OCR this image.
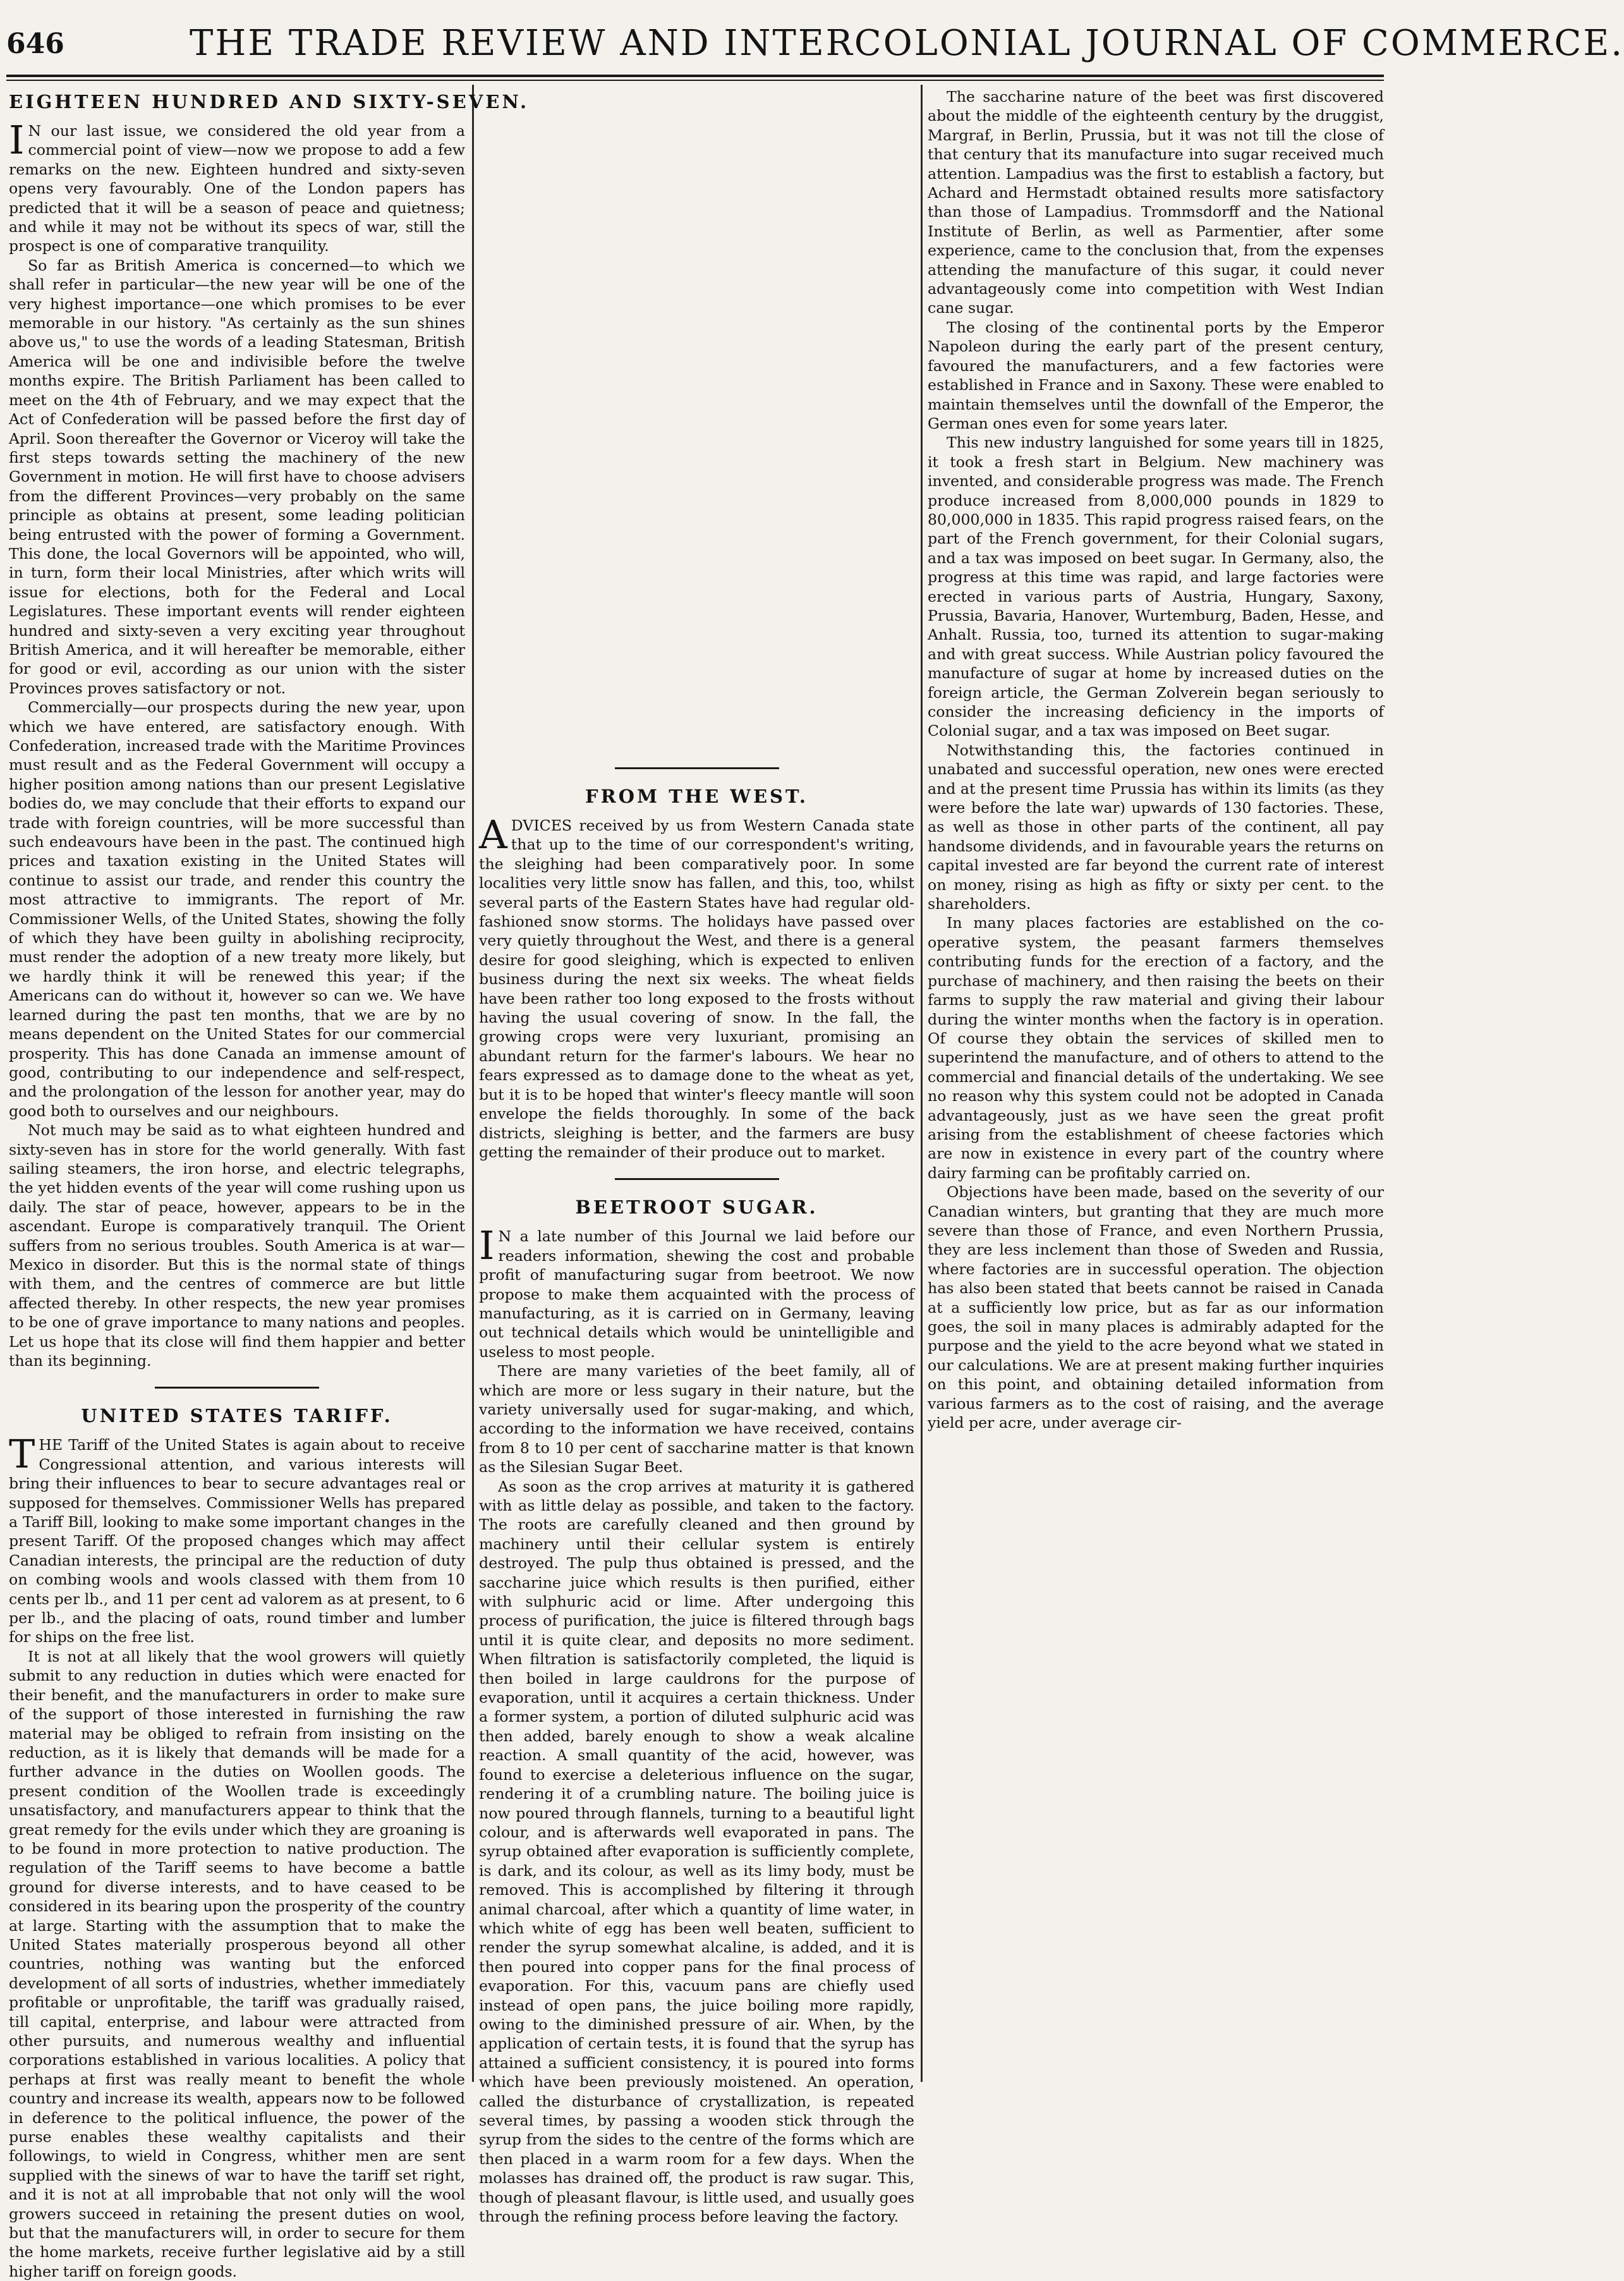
646	THE TRADE REVIEW AND INTERCOLONIAL JOURNAL OF COMMERCE.
EIGHTEEN HUNDRED AND SIXTY-SEVEN.

I N our last issue, we considered the old year from a commercial point of view—now we propose to add a few remarks on the new. Eighteen hundred and sixty-seven opens very favourably. One of the London papers has predicted that it will be a season of peace and quietness; and while it may not be without its specs of war, still the prospect is one of comparative tranquility.

So far as British America is concerned—to which we shall refer in particular—the new year will be one of the very highest importance—one which promises to be ever memorable in our history. "As certainly as the sun shines above us," to use the words of a leading Statesman, British America will be one and indivisible before the twelve months expire. The British Parliament has been called to meet on the 4th of February, and we may expect that the Act of Confederation will be passed before the first day of April. Soon thereafter the Governor or Viceroy will take the first steps towards setting the machinery of the new Government in motion. He will first have to choose advisers from the different Provinces—very probably on the same principle as obtains at present, some leading politician being entrusted with the power of forming a Government. This done, the local Governors will be appointed, who will, in turn, form their local Ministries, after which writs will issue for elections, both for the Federal and Local Legislatures. These important events will render eighteen hundred and sixty-seven a very exciting year throughout British America, and it will hereafter be memorable, either for good or evil, according as our union with the sister Provinces proves satisfactory or not.

Commercially—our prospects during the new year, upon which we have entered, are satisfactory enough. With Confederation, increased trade with the Maritime Provinces must result and as the Federal Government will occupy a higher position among nations than our present Legislative bodies do, we may conclude that their efforts to expand our trade with foreign countries, will be more successful than such endeavours have been in the past. The continued high prices and taxation existing in the United States will continue to assist our trade, and render this country the most attractive to immigrants. The report of Mr. Commissioner Wells, of the United States, showing the folly of which they have been guilty in abolishing reciprocity, must render the adoption of a new treaty more likely, but we hardly think it will be renewed this year; if the Americans can do without it, however so can we. We have learned during the past ten months, that we are by no means dependent on the United States for our commercial prosperity. This has done Canada an immense amount of good, contributing to our independence and self-respect, and the prolongation of the lesson for another year, may do good both to ourselves and our neighbours.

Not much may be said as to what eighteen hundred and sixty-seven has in store for the world generally. With fast sailing steamers, the iron horse, and electric telegraphs, the yet hidden events of the year will come rushing upon us daily. The star of peace, however, appears to be in the ascendant. Europe is comparatively tranquil. The Orient suffers from no serious troubles. South America is at war—Mexico in disorder. But this is the normal state of things with them, and the centres of commerce are but little affected thereby. In other respects, the new year promises to be one of grave importance to many nations and peoples. Let us hope that its close will find them happier and better than its beginning.

UNITED STATES TARIFF.

THE Tariff of the United States is again about to receive Congressional attention, and various interests will bring their influences to bear to secure advantages real or supposed for themselves. Commissioner Wells has prepared a Tariff Bill, looking to make some important changes in the present Tariff. Of the proposed changes which may affect Canadian interests, the principal are the reduction of duty on combing wools and wools classed with them from 10 cents per lb., and 11 per cent ad valorem as at present, to 6 per lb., and the placing of oats, round timber and lumber for ships on the free list.

It is not at all likely that the wool growers will quietly submit to any reduction in duties which were enacted for their benefit, and the manufacturers in order to make sure of the support of those interested in furnishing the raw material may be obliged to refrain from insisting on the reduction, as it is likely that demands will be made for a further advance in the duties on Woollen goods. The present condition of the Woollen trade is exceedingly unsatisfactory, and manufacturers appear to think that the great remedy for the evils under which they are groaning is to be found in more protection to native production. The regulation of the Tariff seems to have become a battle ground for diverse interests, and to have ceased to be considered in its bearing upon the prosperity of the country at large. Starting with the assumption that to make the United States materially prosperous beyond all other countries, nothing was wanting but the enforced development of all sorts of industries, whether immediately profitable or unprofitable, the tariff was gradually raised, till capital, enterprise, and labour were attracted from other pursuits, and numerous wealthy and influential corporations established in various localities. A policy that perhaps at first was really meant to benefit the whole country and increase its wealth, appears now to be followed in deference to the political influence, the power of the purse enables these wealthy capitalists and their followings, to wield in Congress, whither men are sent supplied with the sinews of war to have the tariff set right, and it is not at all improbable that not only will the wool growers succeed in retaining the present duties on wool, but that the manufacturers will, in order to secure for them the home markets, receive further legislative aid by a still higher tariff on foreign goods.

FROM THE WEST.

ADVICES received by us from Western Canada state that up to the time of our correspondent's writing, the sleighing had been comparatively poor. In some localities very little snow has fallen, and this, too, whilst several parts of the Eastern States have had regular old-fashioned snow storms. The holidays have passed over very quietly throughout the West, and there is a general desire for good sleighing, which is expected to enliven business during the next six weeks. The wheat fields have been rather too long exposed to the frosts without having the usual covering of snow. In the fall, the growing crops were very luxuriant, promising an abundant return for the farmer's labours. We hear no fears expressed as to damage done to the wheat as yet, but it is to be hoped that winter's fleecy mantle will soon envelope the fields thoroughly. In some of the back districts, sleighing is better, and the farmers are busy getting the remainder of their produce out to market.

BEETROOT SUGAR.

I N a late number of this Journal we laid before our readers information, shewing the cost and probable profit of manufacturing sugar from beetroot. We now propose to make them acquainted with the process of manufacturing, as it is carried on in Germany, leaving out technical details which would be unintelligible and useless to most people.

There are many varieties of the beet family, all of which are more or less sugary in their nature, but the variety universally used for sugar-making, and which, according to the information we have received, contains from 8 to 10 per cent of saccharine matter is that known as the Silesian Sugar Beet.

As soon as the crop arrives at maturity it is gathered with as little delay as possible, and taken to the factory. The roots are carefully cleaned and then ground by machinery until their cellular system is entirely destroyed. The pulp thus obtained is pressed, and the saccharine juice which results is then purified, either with sulphuric acid or lime. After undergoing this process of purification, the juice is filtered through bags until it is quite clear, and deposits no more sediment. When filtration is satisfactorily completed, the liquid is then boiled in large cauldrons for the purpose of evaporation, until it acquires a certain thickness. Under a former system, a portion of diluted sulphuric acid was then added, barely enough to show a weak alcaline reaction. A small quantity of the acid, however, was found to exercise a deleterious influence on the sugar, rendering it of a crumbling nature. The boiling juice is now poured through flannels, turning to a beautiful light colour, and is afterwards well evaporated in pans. The syrup obtained after evaporation is sufficiently complete, is dark, and its colour, as well as its limy body, must be removed. This is accomplished by filtering it through animal charcoal, after which a quantity of lime water, in which white of egg has been well beaten, sufficient to render the syrup somewhat alcaline, is added, and it is then poured into copper pans for the final process of evaporation. For this, vacuum pans are chiefly used instead of open pans, the juice boiling more rapidly, owing to the diminished pressure of air. When, by the application of certain tests, it is found that the syrup has attained a sufficient consistency, it is poured into forms which have been previously moistened. An operation, called the disturbance of crystallization, is repeated several times, by passing a wooden stick through the syrup from the sides to the centre of the forms which are then placed in a warm room for a few days. When the molasses has drained off, the product is raw sugar. This, though of pleasant flavour, is little used, and usually goes through the refining process before leaving the factory.

The saccharine nature of the beet was first discovered about the middle of the eighteenth century by the druggist, Margraf, in Berlin, Prussia, but it was not till the close of that century that its manufacture into sugar received much attention. Lampadius was the first to establish a factory, but Achard and Hermstadt obtained results more satisfactory than those of Lampadius. Trommsdorff and the National Institute of Berlin, as well as Parmentier, after some experience, came to the conclusion that, from the expenses attending the manufacture of this sugar, it could never advantageously come into competition with West Indian cane sugar.

The closing of the continental ports by the Emperor Napoleon during the early part of the present century, favoured the manufacturers, and a few factories were established in France and in Saxony. These were enabled to maintain themselves until the downfall of the Emperor, the German ones even for some years later.

This new industry languished for some years till in 1825, it took a fresh start in Belgium. New machinery was invented, and considerable progress was made. The French produce increased from 8,000,000 pounds in 1829 to 80,000,000 in 1835. This rapid progress raised fears, on the part of the French government, for their Colonial sugars, and a tax was imposed on beet sugar. In Germany, also, the progress at this time was rapid, and large factories were erected in various parts of Austria, Hungary, Saxony, Prussia, Bavaria, Hanover, Wurtemburg, Baden, Hesse, and Anhalt. Russia, too, turned its attention to sugar-making and with great success. While Austrian policy favoured the manufacture of sugar at home by increased duties on the foreign article, the German Zolverein began seriously to consider the increasing deficiency in the imports of Colonial sugar, and a tax was imposed on Beet sugar.

Notwithstanding this, the factories continued in unabated and successful operation, new ones were erected and at the present time Prussia has within its limits (as they were before the late war) upwards of 130 factories. These, as well as those in other parts of the continent, all pay handsome dividends, and in favourable years the returns on capital invested are far beyond the current rate of interest on money, rising as high as fifty or sixty per cent. to the shareholders.

In many places factories are established on the co-operative system, the peasant farmers themselves contributing funds for the erection of a factory, and the purchase of machinery, and then raising the beets on their farms to supply the raw material and giving their labour during the winter months when the factory is in operation. Of course they obtain the services of skilled men to superintend the manufacture, and of others to attend to the commercial and financial details of the undertaking. We see no reason why this system could not be adopted in Canada advantageously, just as we have seen the great profit arising from the establishment of cheese factories which are now in existence in every part of the country where dairy farming can be profitably carried on.

Objections have been made, based on the severity of our Canadian winters, but granting that they are much more severe than those of France, and even Northern Prussia, they are less inclement than those of Sweden and Russia, where factories are in successful operation. The objection has also been stated that beets cannot be raised in Canada at a sufficiently low price, but as far as our information goes, the soil in many places is admirably adapted for the purpose and the yield to the acre beyond what we stated in our calculations. We are at present making further inquiries on this point, and obtaining detailed information from various farmers as to the cost of raising, and the average yield per acre, under average cir-
